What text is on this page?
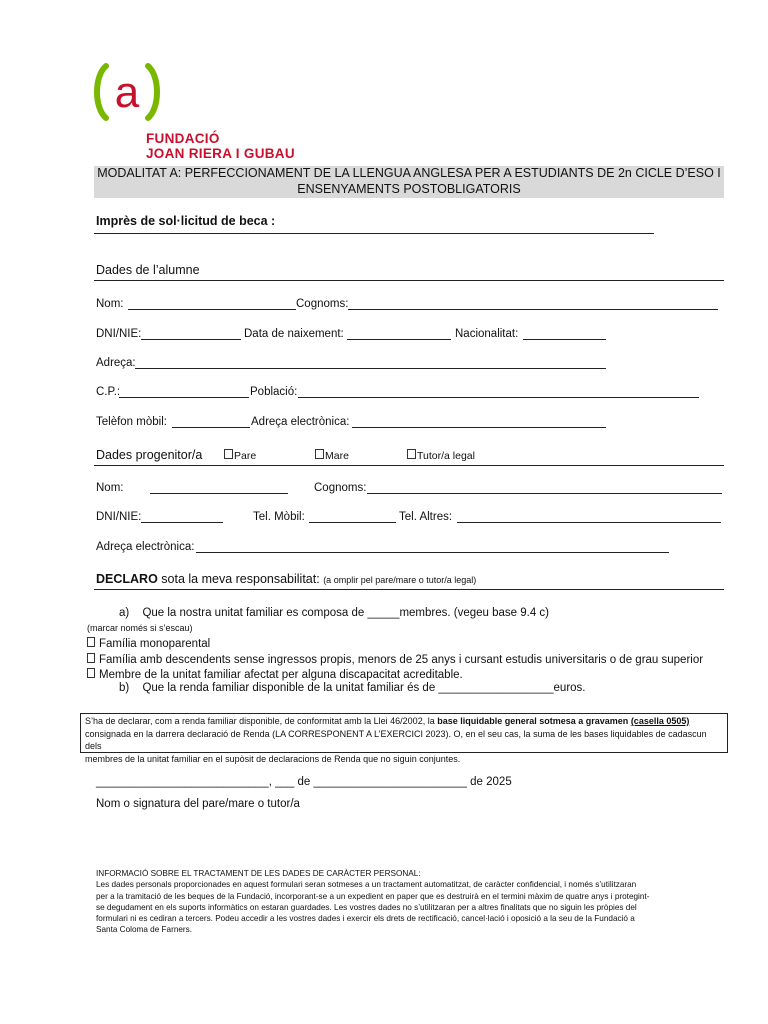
a
FUNDACIÓ
JOAN RIERA I GUBAU
MODALITAT A: PERFECCIONAMENT DE LA LLENGUA ANGLESA PER A ESTUDIANTS DE 2n CICLE D’ESO I
ENSENYAMENTS POSTOBLIGATORIS
Imprès de sol·licitud de beca :
Dades de l’alumne
Nom:	Cognoms:
DNI/NIE:	Data de naixement:	Nacionalitat:
Adreça:
C.P.:	Població:
Telèfon mòbil:	Adreça electrònica:
Dades progenitor/a	Pare	Mare	Tutor/a legal
Nom:	Cognoms:
DNI/NIE:	Tel. Mòbil:	Tel. Altres:
Adreça electrònica:
DECLARO sota la meva responsabilitat: (a omplir pel pare/mare o tutor/a legal)
a) Que la nostra unitat familiar es composa de _____membres. (vegeu base 9.4 c)
(marcar només si s’escau)
Família monoparental
Família amb descendents sense ingressos propis, menors de 25 anys i cursant estudis universitaris o de grau superior
Membre de la unitat familiar afectat per alguna discapacitat acreditable.
b) Que la renda familiar disponible de la unitat familiar és de __________________euros.
S’ha de declarar, com a renda familiar disponible, de conformitat amb la Llei 46/2002, la base liquidable general sotmesa a gravamen (casella 0505)
consignada en la darrera declaració de Renda (LA CORRESPONENT A L’EXERCICI 2023). O, en el seu cas, la suma de les bases liquidables de cadascun dels
membres de la unitat familiar en el supòsit de declaracions de Renda que no siguin conjuntes.
___________________________, ___ de ________________________ de 2025
Nom o signatura del pare/mare o tutor/a
INFORMACIÓ SOBRE EL TRACTAMENT DE LES DADES DE CARÀCTER PERSONAL:
Les dades personals proporcionades en aquest formulari seran sotmeses a un tractament automatitzat, de caràcter confidencial, i només s’utilitzaran
per a la tramitació de les beques de la Fundació, incorporant-se a un expedient en paper que es destruirà en el termini màxim de quatre anys i protegint-
se degudament en els suports informàtics on estaran guardades. Les vostres dades no s’utilitzaran per a altres finalitats que no siguin les pròpies del
formulari ni es cediran a tercers. Podeu accedir a les vostres dades i exercir els drets de rectificació, cancel·lació i oposició a la seu de la Fundació a
Santa Coloma de Farners.
